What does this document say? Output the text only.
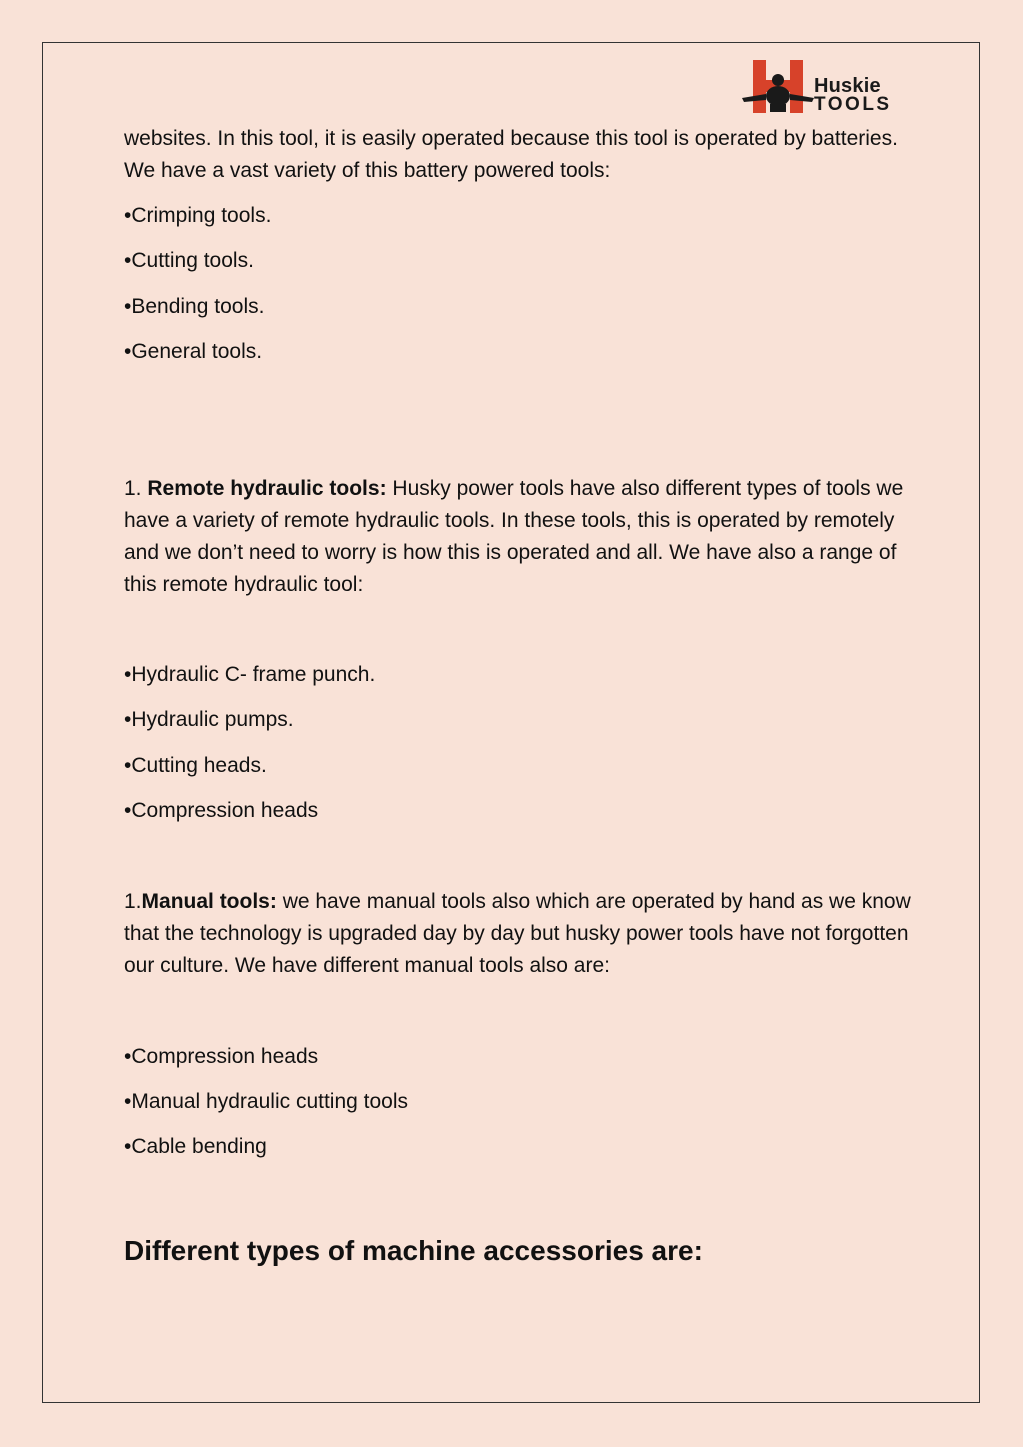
Huskie
TOOLS

websites. In this tool, it is easily operated because this tool is operated by batteries. We have a vast variety of this battery powered tools:

•Crimping tools.
•Cutting tools.
•Bending tools.
•General tools.

1. Remote hydraulic tools: Husky power tools have also different types of tools we have a variety of remote hydraulic tools. In these tools, this is operated by remotely and we don’t need to worry is how this is operated and all. We have also a range of this remote hydraulic tool:

•Hydraulic C- frame punch.
•Hydraulic pumps.
•Cutting heads.
•Compression heads

1.Manual tools: we have manual tools also which are operated by hand as we know that the technology is upgraded day by day but husky power tools have not forgotten our culture. We have different manual tools also are:

•Compression heads
•Manual hydraulic cutting tools
•Cable bending
Different types of machine accessories are:
